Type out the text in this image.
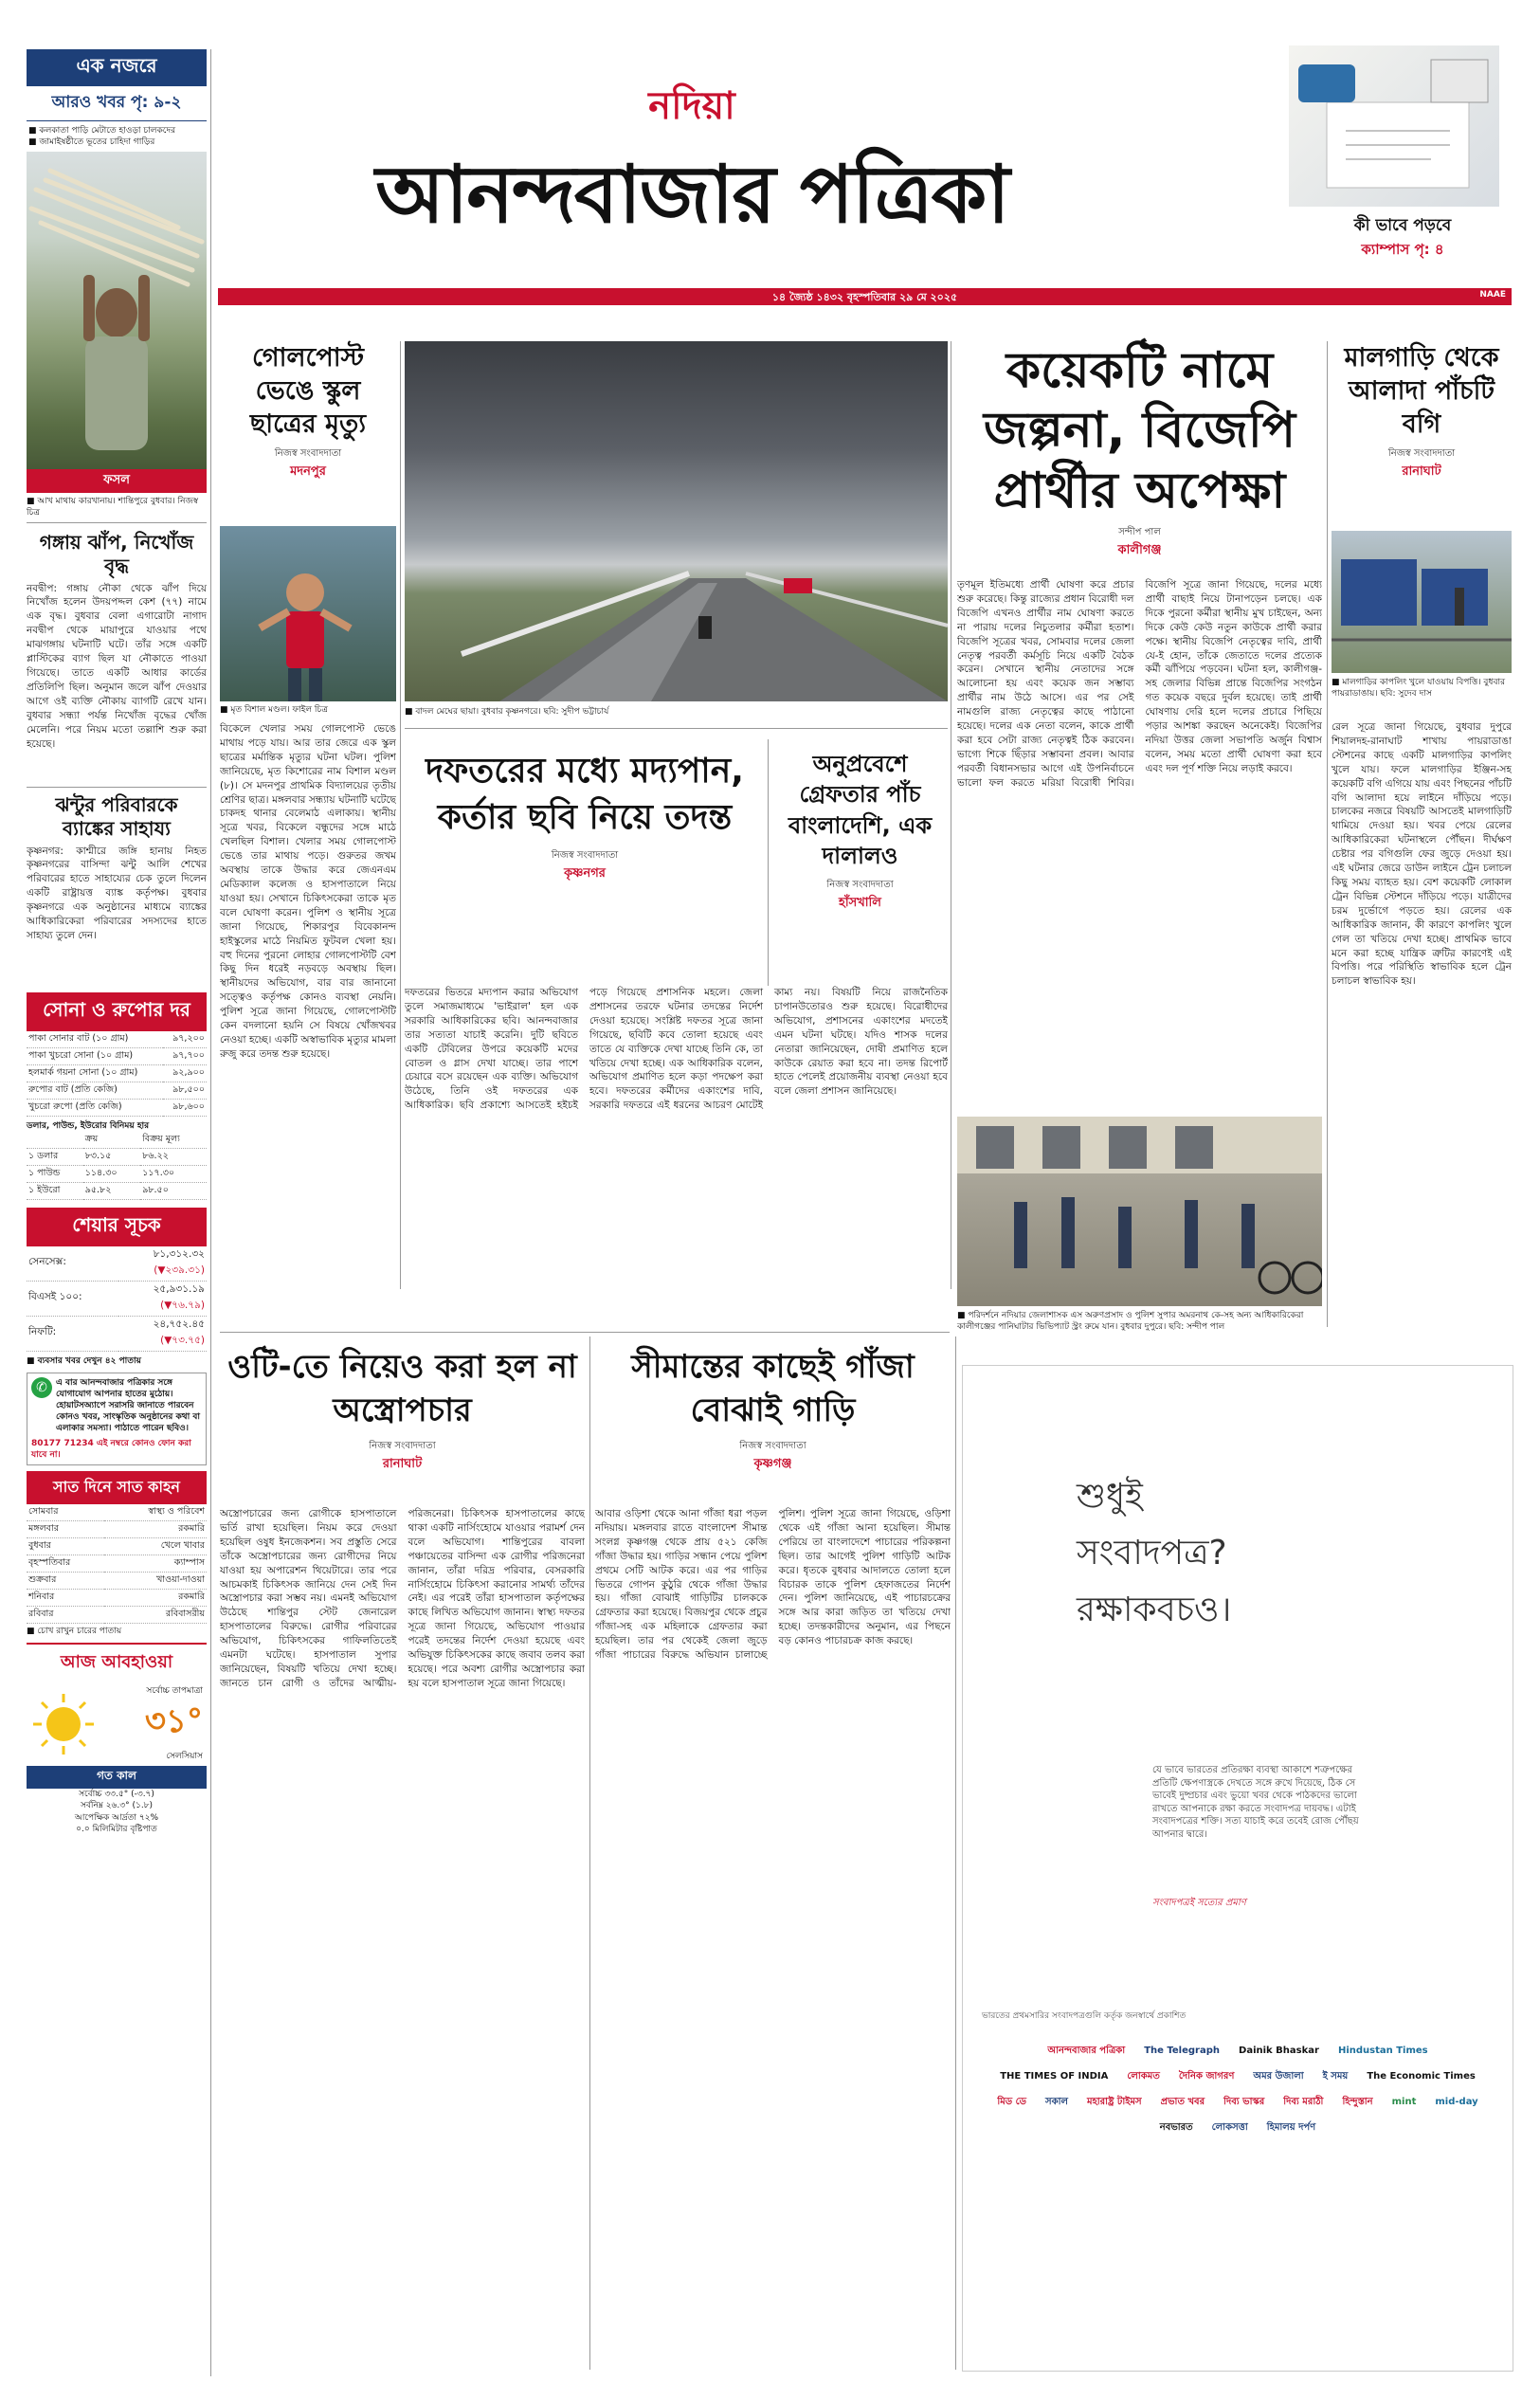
এক নজরে
আরও খবর পৃ: ৯-২
■ কলকাতা পাড়ি মেটাতে হাওড়া চালকদের
■ জামাইষষ্ঠীতে ভূতের চাহিদা গাড়ির
ফসল
■ আখ মাথায় কারখানায়। শান্তিপুরে বুধবার। নিজস্ব চিত্র
গঙ্গায় ঝাঁপ, নিখোঁজ বৃদ্ধ
নবদ্বীপ: গঙ্গায় নৌকা থেকে ঝাঁপ দিয়ে নিখোঁজ হলেন উদয়পদ্দল কেশ (৭৭) নামে এক বৃদ্ধ। বুধবার বেলা এগারোটা নাগাদ নবদ্বীপ থেকে মায়াপুরে যাওয়ার পথে মাঝগঙ্গায় ঘটনাটি ঘটে। তাঁর সঙ্গে একটি প্লাস্টিকের ব্যাগ ছিল যা নৌকাতে পাওয়া গিয়েছে। তাতে একটি আধার কার্ডের প্রতিলিপি ছিল। অনুমান জলে ঝাঁপ দেওয়ার আগে ওই ব্যক্তি নৌকায় ব্যাগটি রেখে যান। বুধবার সন্ধ্যা পর্যন্ত নিখোঁজ বৃদ্ধের খোঁজ মেলেনি। পরে নিয়ম মতো তল্লাশি শুরু করা হয়েছে।
ঝন্টুর পরিবারকে ব্যাঙ্কের সাহায্য
কৃষ্ণনগর: কাশ্মীরে জঙ্গি হানায় নিহত কৃষ্ণনগরের বাসিন্দা ঝন্টু আলি শেখের পরিবারের হাতে সাহায্যের চেক তুলে দিলেন একটি রাষ্ট্রায়ত্ত ব্যাঙ্ক কর্তৃপক্ষ। বুধবার কৃষ্ণনগরে এক অনুষ্ঠানের মাধ্যমে ব্যাঙ্কের আধিকারিকেরা পরিবারের সদস্যদের হাতে সাহায্য তুলে দেন।
সোনা ও রুপোর দর
পাকা সোনার বাট (১০ গ্রাম)	৯৭,২০০
পাকা খুচরো সোনা (১০ গ্রাম)	৯৭,৭০০
হলমার্ক গয়না সোনা (১০ গ্রাম)	৯২,৯০০
রুপোর বাট (প্রতি কেজি)	৯৮,৫০০
খুচরো রুপো (প্রতি কেজি)	৯৮,৬০০
ডলার, পাউন্ড, ইউরোর বিনিময় হার
	ক্রয়	বিক্রয় মূল্য
১ ডলার	৮৩.১৫	৮৬.২২
১ পাউন্ড	১১৪.৩০	১১৭.৩০
১ ইউরো	৯৫.৮২	৯৮.৫০
শেয়ার সূচক
সেনসেক্স:	৮১,৩১২.৩২
(▼২৩৯.৩১)
বিএসই ১০০:	২৫,৯৩১.১৯
(▼৭৬.৭৯)
নিফটি:	২৪,৭৫২.৪৫
(▼৭৩.৭৫)
■ ব্যবসার খবর দেখুন ৪২ পাতায়
✆	এ বার আনন্দবাজার পত্রিকার সঙ্গে যোগাযোগ আপনার হাতের মুঠোয়। হোয়াটসঅ্যাপে সরাসরি জানাতে পারবেন কোনও খবর, সাংস্কৃতিক অনুষ্ঠানের কথা বা এলাকার সমস্যা। পাঠাতে পারেন ছবিও।
80177 71234 এই নম্বরে কোনও ফোন করা যাবে না।
সাত দিনে সাত কাহন
সোমবার	স্বাস্থ্য ও পরিবেশ
মঙ্গলবার	রকমারি
বুধবার	খেলে খাবার
বৃহস্পতিবার	ক্যাম্পাস
শুক্রবার	খাওয়া-দাওয়া
শনিবার	রকমারি
রবিবার	রবিবাসরীয়
■ চোখ রাখুন চারের পাতায়
আজ আবহাওয়া
সর্বোচ্চ তাপমাত্রা
৩১°
সেলসিয়াস
গত কাল
সর্বোচ্চ ৩৩.৫° (-৩.৭)
সর্বনিম্ন ২৬.৩° (১.৮)
আপেক্ষিক আর্দ্রতা ৭২%
০.০ মিলিমিটার বৃষ্টিপাত
নদিয়া
আনন্দবাজার পত্রিকা	কী ভাবে পড়বে
ক্যাম্পাস পৃ: ৪
১৪ জ্যৈষ্ঠ ১৪৩২ বৃহস্পতিবার ২৯ মে ২০২৫	NAAE
গোলপোস্ট ভেঙে স্কুল ছাত্রের মৃত্যু
নিজস্ব সংবাদদাতা
মদনপুর
■ মৃত বিশাল মণ্ডল। ফাইল চিত্র
বিকেলে খেলার সময় গোলপোস্ট ভেঙে মাথায় পড়ে যায়। আর তার জেরে এক স্কুল ছাত্রের মর্মান্তিক মৃত্যুর ঘটনা ঘটল। পুলিশ জানিয়েছে, মৃত কিশোরের নাম বিশাল মণ্ডল (৮)। সে মদনপুর প্রাথমিক বিদ্যালয়ের তৃতীয় শ্রেণির ছাত্র। মঙ্গলবার সন্ধ্যায় ঘটনাটি ঘটেছে চাকদহ থানার বেলেমাঠ এলাকায়। স্থানীয় সূত্রে খবর, বিকেলে বন্ধুদের সঙ্গে মাঠে খেলছিল বিশাল। খেলার সময় গোলপোস্ট ভেঙে তার মাথায় পড়ে। গুরুতর জখম অবস্থায় তাকে উদ্ধার করে জেএনএম মেডিক্যাল কলেজ ও হাসপাতালে নিয়ে যাওয়া হয়। সেখানে চিকিৎসকেরা তাকে মৃত বলে ঘোষণা করেন। পুলিশ ও স্থানীয় সূত্রে জানা গিয়েছে, শিকারপুর বিবেকানন্দ হাইস্কুলের মাঠে নিয়মিত ফুটবল খেলা হয়। বহু দিনের পুরনো লোহার গোলপোস্টটি বেশ কিছু দিন ধরেই নড়বড়ে অবস্থায় ছিল। স্থানীয়দের অভিযোগ, বার বার জানানো সত্ত্বেও কর্তৃপক্ষ কোনও ব্যবস্থা নেয়নি। পুলিশ সূত্রে জানা গিয়েছে, গোলপোস্টটি কেন বদলানো হয়নি সে বিষয়ে খোঁজখবর নেওয়া হচ্ছে। একটি অস্বাভাবিক মৃত্যুর মামলা রুজু করে তদন্ত শুরু হয়েছে।
■ বাদল মেঘের ছায়া। বুধবার কৃষ্ণনগরে। ছবি: সুদীপ ভট্টাচার্য
কয়েকটি নামে জল্পনা, বিজেপি প্রার্থীর অপেক্ষা
সন্দীপ পাল
কালীগঞ্জ
তৃণমূল ইতিমধ্যে প্রার্থী ঘোষণা করে প্রচার শুরু করেছে। কিন্তু রাজ্যের প্রধান বিরোধী দল বিজেপি এখনও প্রার্থীর নাম ঘোষণা করতে না পারায় দলের নিচুতলার কর্মীরা হতাশ। বিজেপি সূত্রের খবর, সোমবার দলের জেলা নেতৃত্ব পরবর্তী কর্মসূচি নিয়ে একটি বৈঠক করেন। সেখানে স্থানীয় নেতাদের সঙ্গে আলোচনা হয় এবং কয়েক জন সম্ভাব্য প্রার্থীর নাম উঠে আসে। এর পর সেই নামগুলি রাজ্য নেতৃত্বের কাছে পাঠানো হয়েছে। দলের এক নেতা বলেন, কাকে প্রার্থী করা হবে সেটা রাজ্য নেতৃত্বই ঠিক করবেন। ভাগ্যে শিকে ছিঁড়ার সম্ভাবনা প্রবল। আবার পরবর্তী বিধানসভার আগে এই উপনির্বাচনে ভালো ফল করতে মরিয়া বিরোধী শিবির। বিজেপি সূত্রে জানা গিয়েছে, দলের মধ্যে প্রার্থী বাছাই নিয়ে টানাপড়েন চলছে। এক দিকে পুরনো কর্মীরা স্থানীয় মুখ চাইছেন, অন্য দিকে কেউ কেউ নতুন কাউকে প্রার্থী করার পক্ষে। স্থানীয় বিজেপি নেতৃত্বের দাবি, প্রার্থী যে-ই হোন, তাঁকে জেতাতে দলের প্রত্যেক কর্মী ঝাঁপিয়ে পড়বেন। ঘটনা হল, কালীগঞ্জ-সহ জেলার বিভিন্ন প্রান্তে বিজেপির সংগঠন গত কয়েক বছরে দুর্বল হয়েছে। তাই প্রার্থী ঘোষণায় দেরি হলে দলের প্রচারে পিছিয়ে পড়ার আশঙ্কা করছেন অনেকেই। বিজেপির নদিয়া উত্তর জেলা সভাপতি অর্জুন বিশ্বাস বলেন, সময় মতো প্রার্থী ঘোষণা করা হবে এবং দল পূর্ণ শক্তি নিয়ে লড়াই করবে।
■ পরিদর্শনে নদিয়ার জেলাশাসক এস অরুণপ্রসাদ ও পুলিশ সুপার অমরনাথ কে-সহ অন্য আধিকারিকেরা কালীগঞ্জের পানিঘাটার ভিভিপ্যাট স্ট্রং রুমে যান। বুধবার দুপুরে। ছবি: সন্দীপ পাল
মালগাড়ি থেকে আলাদা পাঁচটি বগি
নিজস্ব সংবাদদাতা
রানাঘাট
■ মালগাড়ির কাপলিং খুলে যাওয়ায় বিপত্তি। বুধবার পায়রাডাঙায়। ছবি: সুদেব দাস
রেল সূত্রে জানা গিয়েছে, বুধবার দুপুরে শিয়ালদহ-রানাঘাট শাখায় পায়রাডাঙা স্টেশনের কাছে একটি মালগাড়ির কাপলিং খুলে যায়। ফলে মালগাড়ির ইঞ্জিন-সহ কয়েকটি বগি এগিয়ে যায় এবং পিছনের পাঁচটি বগি আলাদা হয়ে লাইনে দাঁড়িয়ে পড়ে। চালকের নজরে বিষয়টি আসতেই মালগাড়িটি থামিয়ে দেওয়া হয়। খবর পেয়ে রেলের আধিকারিকেরা ঘটনাস্থলে পৌঁছন। দীর্ঘক্ষণ চেষ্টার পর বগিগুলি ফের জুড়ে দেওয়া হয়। এই ঘটনার জেরে ডাউন লাইনে ট্রেন চলাচল কিছু সময় ব্যাহত হয়। বেশ কয়েকটি লোকাল ট্রেন বিভিন্ন স্টেশনে দাঁড়িয়ে পড়ে। যাত্রীদের চরম দুর্ভোগে পড়তে হয়। রেলের এক আধিকারিক জানান, কী কারণে কাপলিং খুলে গেল তা খতিয়ে দেখা হচ্ছে। প্রাথমিক ভাবে মনে করা হচ্ছে যান্ত্রিক ত্রুটির কারণেই এই বিপত্তি। পরে পরিস্থিতি স্বাভাবিক হলে ট্রেন চলাচল স্বাভাবিক হয়।
দফতরের মধ্যে মদ্যপান, কর্তার ছবি নিয়ে তদন্ত
নিজস্ব সংবাদদাতা
কৃষ্ণনগর
দফতরের ভিতরে মদ্যপান করার অভিযোগ তুলে সমাজমাধ্যমে 'ভাইরাল' হল এক সরকারি আধিকারিকের ছবি। আনন্দবাজার তার সত্যতা যাচাই করেনি। দুটি ছবিতে একটি টেবিলের উপরে কয়েকটি মদের বোতল ও গ্লাস দেখা যাচ্ছে। তার পাশে চেয়ারে বসে রয়েছেন এক ব্যক্তি। অভিযোগ উঠেছে, তিনি ওই দফতরের এক আধিকারিক। ছবি প্রকাশ্যে আসতেই হইচই পড়ে গিয়েছে প্রশাসনিক মহলে। জেলা প্রশাসনের তরফে ঘটনার তদন্তের নির্দেশ দেওয়া হয়েছে। সংশ্লিষ্ট দফতর সূত্রে জানা গিয়েছে, ছবিটি কবে তোলা হয়েছে এবং তাতে যে ব্যক্তিকে দেখা যাচ্ছে তিনি কে, তা খতিয়ে দেখা হচ্ছে। এক আধিকারিক বলেন, অভিযোগ প্রমাণিত হলে কড়া পদক্ষেপ করা হবে। দফতরের কর্মীদের একাংশের দাবি, সরকারি দফতরে এই ধরনের আচরণ মোটেই কাম্য নয়। বিষয়টি নিয়ে রাজনৈতিক চাপানউতোরও শুরু হয়েছে। বিরোধীদের অভিযোগ, প্রশাসনের একাংশের মদতেই এমন ঘটনা ঘটছে। যদিও শাসক দলের নেতারা জানিয়েছেন, দোষী প্রমাণিত হলে কাউকে রেয়াত করা হবে না। তদন্ত রিপোর্ট হাতে পেলেই প্রয়োজনীয় ব্যবস্থা নেওয়া হবে বলে জেলা প্রশাসন জানিয়েছে।
অনুপ্রবেশে গ্রেফতার পাঁচ বাংলাদেশি, এক দালালও
নিজস্ব সংবাদদাতা
হাঁসখালি
ওটি-তে নিয়েও করা হল না অস্ত্রোপচার
নিজস্ব সংবাদদাতা
রানাঘাট
অস্ত্রোপচারের জন্য রোগীকে হাসপাতালে ভর্তি রাখা হয়েছিল। নিয়ম করে দেওয়া হয়েছিল ওষুধ ইনজেকশন। সব প্রস্তুতি সেরে তাঁকে অস্ত্রোপচারের জন্য রোগীদের নিয়ে যাওয়া হয় অপারেশন থিয়েটারে। তার পরে আচমকাই চিকিৎসক জানিয়ে দেন সেই দিন অস্ত্রোপচার করা সম্ভব নয়। এমনই অভিযোগ উঠেছে শান্তিপুর স্টেট জেনারেল হাসপাতালের বিরুদ্ধে। রোগীর পরিবারের অভিযোগ, চিকিৎসকের গাফিলতিতেই এমনটা ঘটেছে। হাসপাতাল সুপার জানিয়েছেন, বিষয়টি খতিয়ে দেখা হচ্ছে। জানতে চান রোগী ও তাঁদের আত্মীয়-পরিজনেরা। চিকিৎসক হাসপাতালের কাছে থাকা একটি নার্সিংহোমে যাওয়ার পরামর্শ দেন বলে অভিযোগ। শান্তিপুরের বাবলা পঞ্চায়েতের বাসিন্দা এক রোগীর পরিজনেরা জানান, তাঁরা দরিদ্র পরিবার, বেসরকারি নার্সিংহোমে চিকিৎসা করানোর সামর্থ্য তাঁদের নেই। এর পরেই তাঁরা হাসপাতাল কর্তৃপক্ষের কাছে লিখিত অভিযোগ জানান। স্বাস্থ্য দফতর সূত্রে জানা গিয়েছে, অভিযোগ পাওয়ার পরেই তদন্তের নির্দেশ দেওয়া হয়েছে এবং অভিযুক্ত চিকিৎসকের কাছে জবাব তলব করা হয়েছে। পরে অবশ্য রোগীর অস্ত্রোপচার করা হয় বলে হাসপাতাল সূত্রে জানা গিয়েছে।
সীমান্তের কাছেই গাঁজা বোঝাই গাড়ি
নিজস্ব সংবাদদাতা
কৃষ্ণগঞ্জ
আবার ওড়িশা থেকে আনা গাঁজা ধরা পড়ল নদিয়ায়। মঙ্গলবার রাতে বাংলাদেশ সীমান্ত সংলগ্ন কৃষ্ণগঞ্জ থেকে প্রায় ৫২১ কেজি গাঁজা উদ্ধার হয়। গাড়ির সন্ধান পেয়ে পুলিশ প্রথমে সেটি আটক করে। এর পর গাড়ির ভিতরে গোপন কুঠুরি থেকে গাঁজা উদ্ধার হয়। গাঁজা বোঝাই গাড়িটির চালককে গ্রেফতার করা হয়েছে। বিজয়পুর থেকে প্রচুর গাঁজা-সহ এক মহিলাকে গ্রেফতার করা হয়েছিল। তার পর থেকেই জেলা জুড়ে গাঁজা পাচারের বিরুদ্ধে অভিযান চালাচ্ছে পুলিশ। পুলিশ সূত্রে জানা গিয়েছে, ওড়িশা থেকে এই গাঁজা আনা হয়েছিল। সীমান্ত পেরিয়ে তা বাংলাদেশে পাচারের পরিকল্পনা ছিল। তার আগেই পুলিশ গাড়িটি আটক করে। ধৃতকে বুধবার আদালতে তোলা হলে বিচারক তাকে পুলিশ হেফাজতের নির্দেশ দেন। পুলিশ জানিয়েছে, এই পাচারচক্রের সঙ্গে আর কারা জড়িত তা খতিয়ে দেখা হচ্ছে। তদন্তকারীদের অনুমান, এর পিছনে বড় কোনও পাচারচক্র কাজ করছে।
শুধুই
সংবাদপত্র?
রক্ষাকবচও।
যে ভাবে ভারতের প্রতিরক্ষা ব্যবস্থা আকাশে শত্রুপক্ষের প্রতিটি ক্ষেপণাস্ত্রকে দেখতে সঙ্গে রুখে দিয়েছে, ঠিক সে ভাবেই দুষ্প্রচার এবং ভুয়ো খবর থেকে পাঠকদের ভালো রাখতে আপনাকে রক্ষা করতে সংবাদপত্র দায়বদ্ধ। এটাই সংবাদপত্রের শক্তি। সত্য যাচাই করে তবেই রোজ পৌঁছয় আপনার দ্বারে।
সংবাদপত্রই সত্যের প্রমাণ
ভারতের প্রথমসারির সংবাদপত্রগুলি কর্তৃক জনস্বার্থে প্রকাশিত
আনন্দবাজার পত্রিকা The Telegraph Dainik Bhaskar Hindustan TimesTHE TIMES OF INDIA লোকমত দৈনিক জাগরণ অমর উজালা ই সময় The Economic Timesমিড ডে সকাল মহারাষ্ট্র টাইমস প্রভাত খবর দিব্য ভাস্কর দিব্য মরাঠী হিন্দুস্তান mint mid-dayনবভারত লোকসত্তা হিমালয় দর্পণ
